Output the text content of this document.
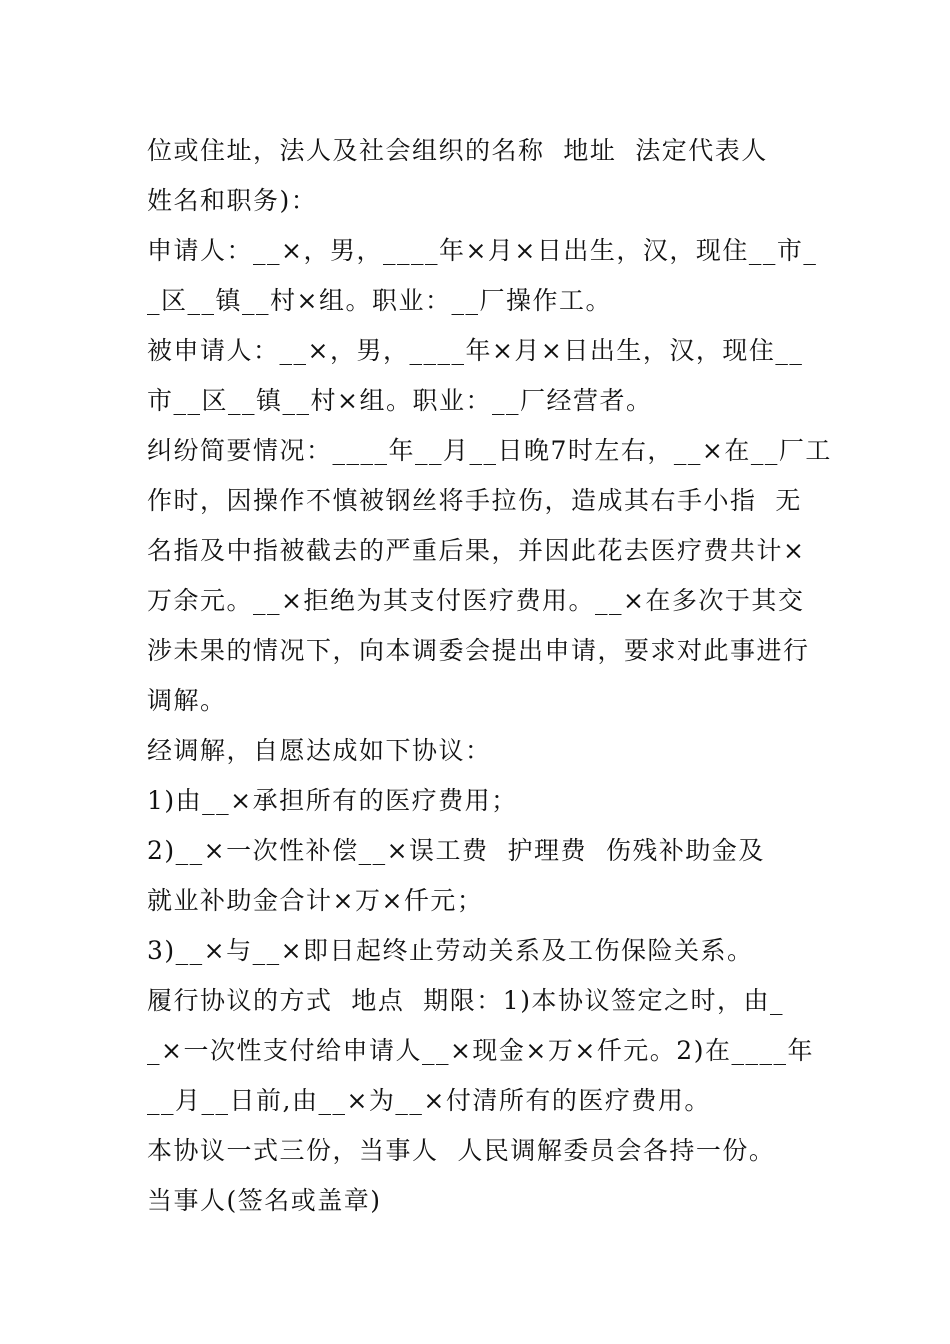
位或住址，法人及社会组织的名称  地址  法定代表人
姓名和职务)：
申请人：__×，男，____年×月×日出生，汉，现住__市_
_区__镇__村×组。职业：__厂操作工。
被申请人：__×，男，____年×月×日出生，汉，现住__
市__区__镇__村×组。职业：__厂经营者。
纠纷简要情况：____年__月__日晚7时左右，__×在__厂工
作时，因操作不慎被钢丝将手拉伤，造成其右手小指  无
名指及中指被截去的严重后果，并因此花去医疗费共计×
万余元。__×拒绝为其支付医疗费用。__×在多次于其交
涉未果的情况下，向本调委会提出申请，要求对此事进行
调解。
经调解，自愿达成如下协议：
1)由__×承担所有的医疗费用；
2)__×一次性补偿__×误工费  护理费  伤残补助金及
就业补助金合计×万×仟元；
3)__×与__×即日起终止劳动关系及工伤保险关系。
履行协议的方式  地点  期限：1)本协议签定之时，由_
_×一次性支付给申请人__×现金×万×仟元。2)在____年
__月__日前,由__×为__×付清所有的医疗费用。
本协议一式三份，当事人  人民调解委员会各持一份。
当事人(签名或盖章)
